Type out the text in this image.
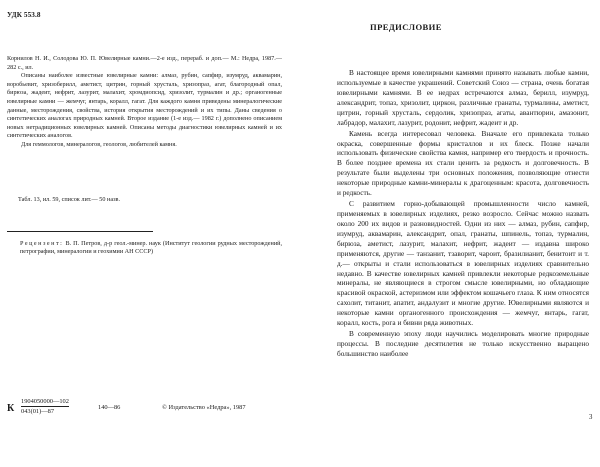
УДК 553.8

Корнилов Н. И., Солодова Ю. П. Ювелирные камни.—2-е изд., перераб. и доп.— М.: Недра, 1987.— 282 с., ил.

Описаны наиболее известные ювелирные камни: алмаз, рубин, сапфир, изумруд, аквамарин, воробьевит, хризоберилл, аметист, цитрин, горный хрусталь, хризопраз, агат, благородный опал, бирюза, жадеит, нефрит, лазурит, малахит, хромдиопсид, хризолит, турмалин и др.; органогенные ювелирные камни — жемчуг, янтарь, коралл, гагат. Для каждого камня приведены минералогические данные, месторождения, свойства, история открытия месторождений и их типы. Даны сведения о синтетических аналогах природных камней. Второе издание (1-е изд.— 1982 г.) дополнено описанием новых нетрадиционных ювелирных камней. Описаны методы диагностики ювелирных камней и их синтетических аналогов.

Для геммологов, минералогов, геологов, любителей камня.

Табл. 13, ил. 59, список лит.— 50 назв.
Рецензент: В. П. Петров, д-р геол.-минер. наук (Институт геологии рудных месторождений, петрографии, минералогии и геохимии АН СССР)
К $\frac{1904050000—102}{043(01)—87}$	140—86	© Издательство «Недра», 1987
ПРЕДИСЛОВИЕ

В настоящее время ювелирными камнями принято называть любые камни, используемые в качестве украшений. Советский Союз — страна, очень богатая ювелирными камнями. В ее недрах встречаются алмаз, берилл, изумруд, александрит, топаз, хризолит, циркон, различные гранаты, турмалины, аметист, цитрин, горный хрусталь, сердолик, хризопраз, агаты, авантюрин, амазонит, лабрадор, малахит, лазурит, родонит, нефрит, жадеит и др.

Камень всегда интересовал человека. Вначале его привлекала только окраска, совершенные формы кристаллов и их блеск. Позже начали использовать физические свойства камня, например его твердость и прочность. В более позднее времена их стали ценить за редкость и долговечность. В результате были выделены три основных положения, позволяющие отнести некоторые природные камни-минералы к драгоценным: красота, долговечность и редкость.

С развитием горно-добывающей промышленности число камней, применяемых в ювелирных изделиях, резко возросло. Сейчас можно назвать около 200 их видов и разновидностей. Одни из них — алмаз, рубин, сапфир, изумруд, аквамарин, александрит, опал, гранаты, шпинель, топаз, турмалин, бирюза, аметист, лазурит, малахит, нефрит, жадеит — издавна широко применяются, другие — танзанит, тзаворит, чароит, бразилианит, бенитоит и т. д.— открыты и стали использоваться в ювелирных изделиях сравнительно недавно. В качестве ювелирных камней привлекли некоторые редкоземельные минералы, не являющиеся в строгом смысле ювелирными, но обладающие красивой окраской, астеризмом или эффектом кошачьего глаза. К ним относятся сахолит, титанит, апатит, андалузит и многие другие. Ювелирными являются и некоторые камни органогенного происхождения — жемчуг, янтарь, гагат, коралл, кость, рога и бивни ряда животных.

В современную эпоху люди научились моделировать многие природные процессы. В последние десятилетия не только искусственно выращено большинство наиболее

3
